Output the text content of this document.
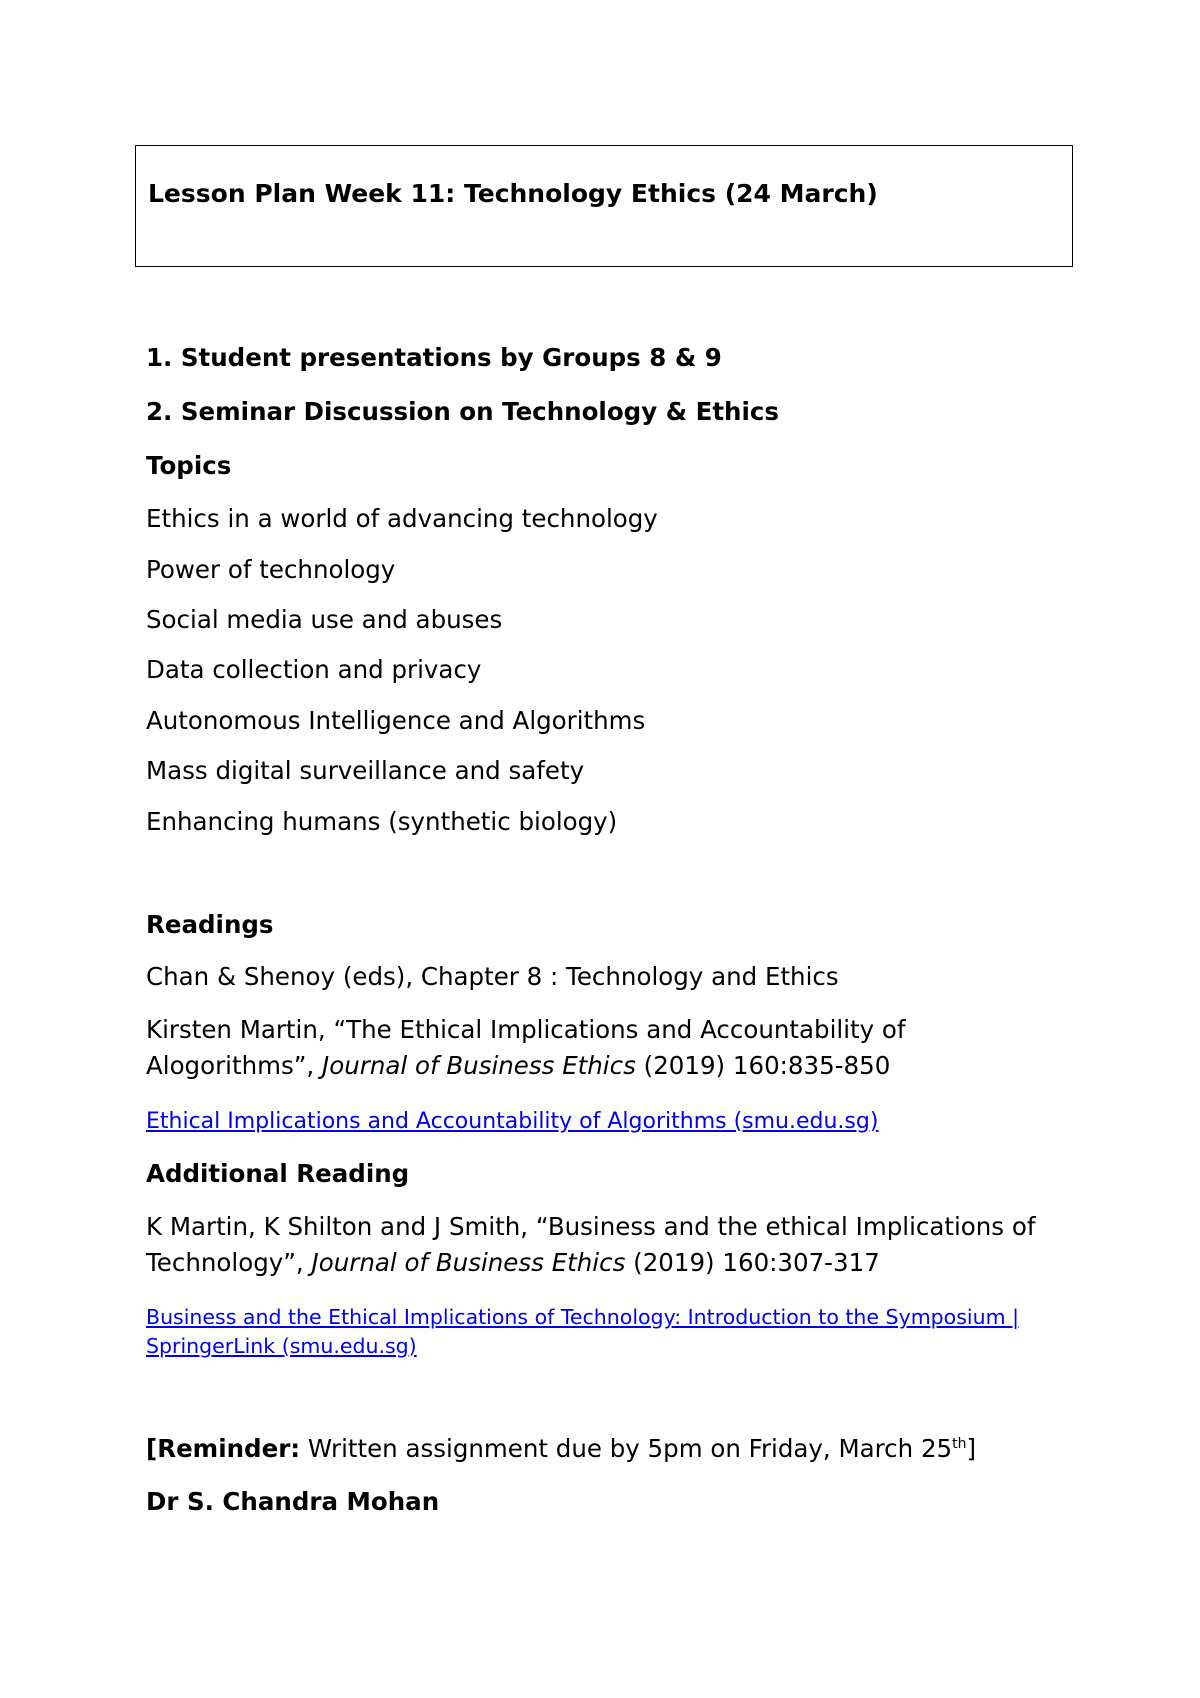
Lesson Plan Week 11: Technology Ethics (24 March)
1. Student presentations by Groups 8 & 9
2. Seminar Discussion on Technology & Ethics
Topics
Ethics in a world of advancing technology
Power of technology
Social media use and abuses
Data collection and privacy
Autonomous Intelligence and Algorithms
Mass digital surveillance and safety
Enhancing humans (synthetic biology)
Readings
Chan & Shenoy (eds), Chapter 8 : Technology and Ethics
Kirsten Martin, “The Ethical Implications and Accountability of
Alogorithms”, Journal of Business Ethics (2019) 160:835-850
Ethical Implications and Accountability of Algorithms (smu.edu.sg)
Additional Reading
K Martin, K Shilton and J Smith, “Business and the ethical Implications of
Technology”, Journal of Business Ethics (2019) 160:307-317
Business and the Ethical Implications of Technology: Introduction to the Symposium | SpringerLink (smu.edu.sg)
[Reminder: Written assignment due by 5pm on Friday, March 25th]
Dr S. Chandra Mohan
